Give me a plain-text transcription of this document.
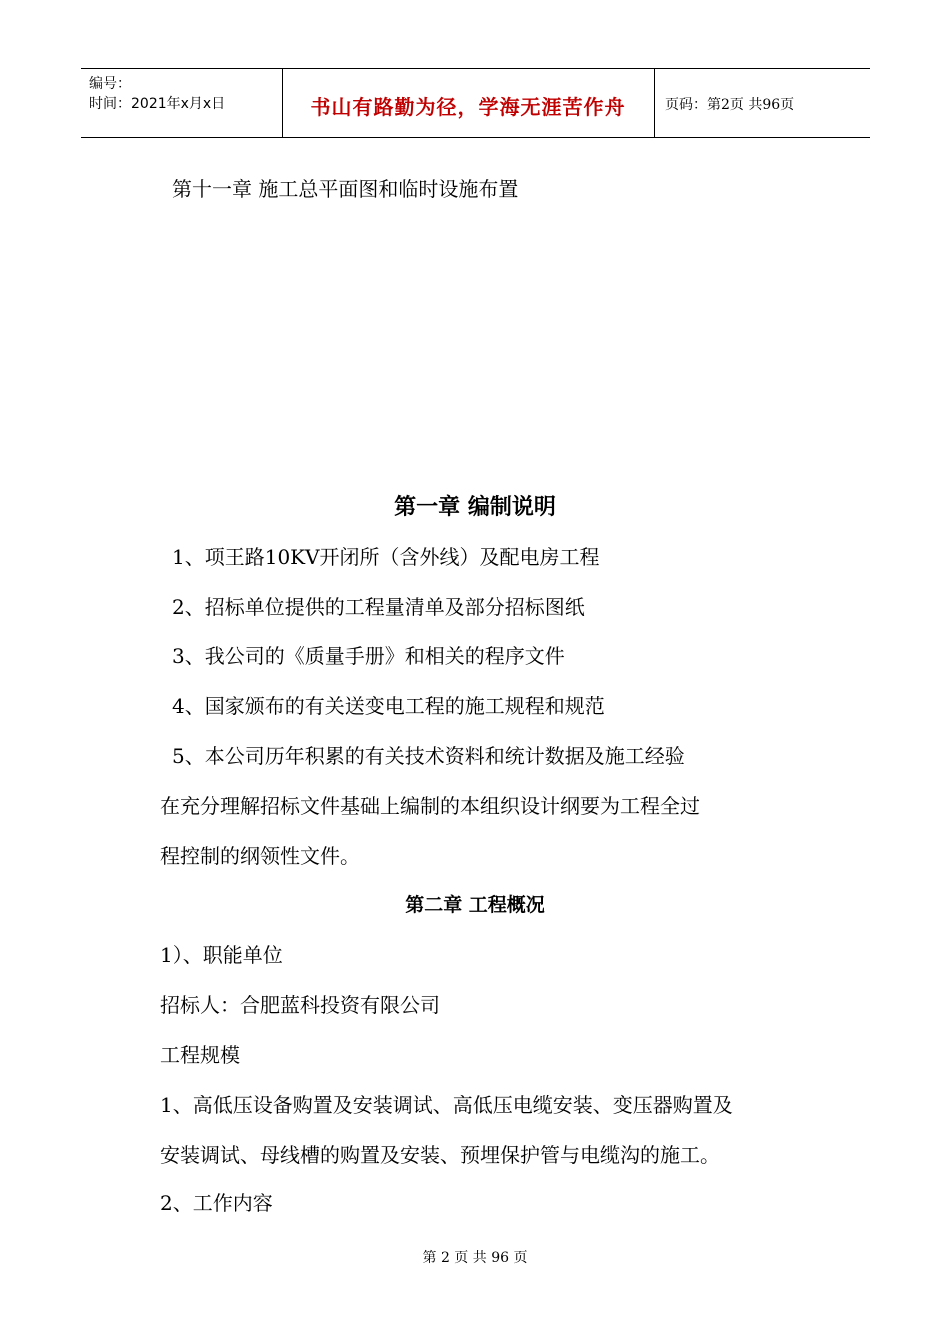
编号：
时间：2021年x月x日	书山有路勤为径，学海无涯苦作舟	页码：第2页 共96页
第十一章 施工总平面图和临时设施布置
第一章 编制说明
1、项王路10KV开闭所（含外线）及配电房工程
2、招标单位提供的工程量清单及部分招标图纸
3、我公司的《质量手册》和相关的程序文件
4、国家颁布的有关送变电工程的施工规程和规范
5、本公司历年积累的有关技术资料和统计数据及施工经验
在充分理解招标文件基础上编制的本组织设计纲要为工程全过
程控制的纲领性文件。
第二章 工程概况
1）、职能单位
招标人：合肥蓝科投资有限公司
工程规模
1、高低压设备购置及安装调试、高低压电缆安装、变压器购置及
安装调试、母线槽的购置及安装、预埋保护管与电缆沟的施工。
2、工作内容
第 2 页 共 96 页
